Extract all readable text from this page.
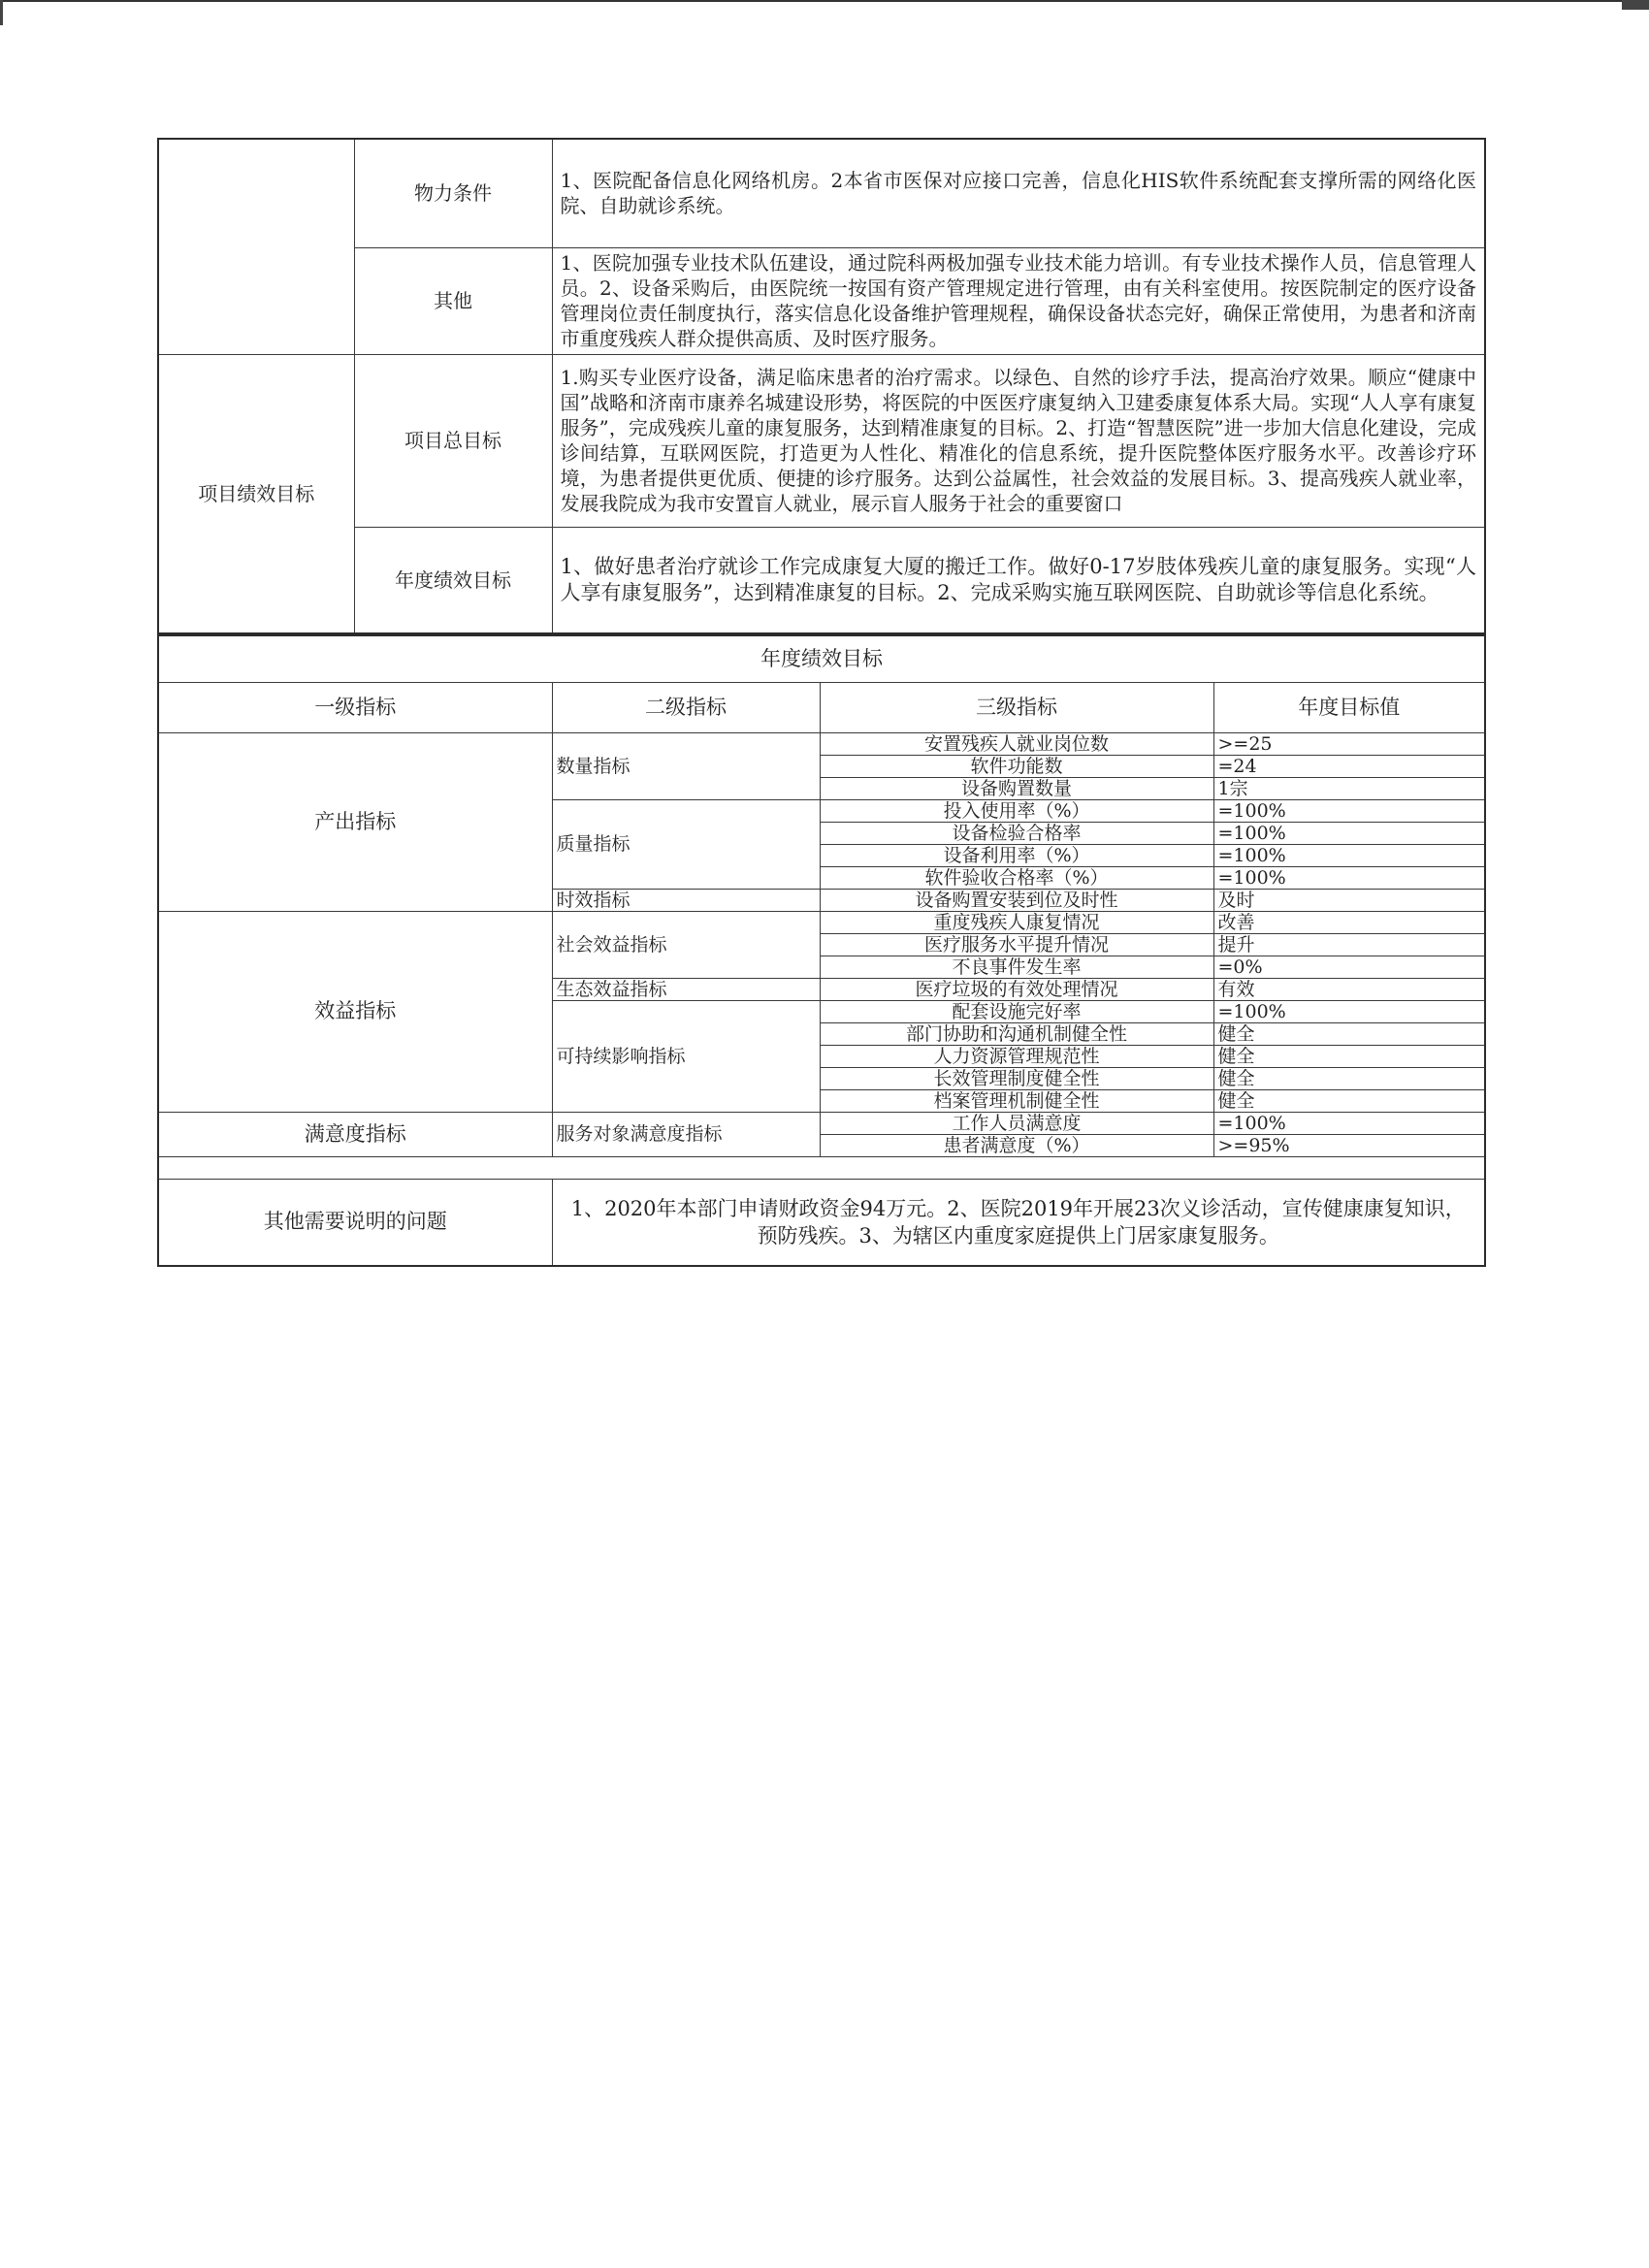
	物力条件	1、医院配备信息化网络机房。2本省市医保对应接口完善，信息化HIS软件系统配套支撑所需的网络化医院、自助就诊系统。
	其他	1、医院加强专业技术队伍建设，通过院科两极加强专业技术能力培训。有专业技术操作人员，信息管理人员。2、设备采购后，由医院统一按国有资产管理规定进行管理，由有关科室使用。按医院制定的医疗设备管理岗位责任制度执行，落实信息化设备维护管理规程，确保设备状态完好，确保正常使用，为患者和济南市重度残疾人群众提供高质、及时医疗服务。
项目绩效目标	项目总目标	1.购买专业医疗设备，满足临床患者的治疗需求。以绿色、自然的诊疗手法，提高治疗效果。顺应“健康中国”战略和济南市康养名城建设形势，将医院的中医医疗康复纳入卫建委康复体系大局。实现“人人享有康复服务”，完成残疾儿童的康复服务，达到精准康复的目标。2、打造“智慧医院”进一步加大信息化建设，完成诊间结算，互联网医院，打造更为人性化、精准化的信息系统，提升医院整体医疗服务水平。改善诊疗环境，为患者提供更优质、便捷的诊疗服务。达到公益属性，社会效益的发展目标。3、提高残疾人就业率，发展我院成为我市安置盲人就业，展示盲人服务于社会的重要窗口
	年度绩效目标	1、做好患者治疗就诊工作完成康复大厦的搬迁工作。做好0-17岁肢体残疾儿童的康复服务。实现“人人享有康复服务”，达到精准康复的目标。2、完成采购实施互联网医院、自助就诊等信息化系统。
年度绩效目标			
一级指标	二级指标	三级指标	年度目标值
产出指标	数量指标	安置残疾人就业岗位数	>=25
		软件功能数	=24
		设备购置数量	1宗
	质量指标	投入使用率（%）	=100%
		设备检验合格率	=100%
		设备利用率（%）	=100%
		软件验收合格率（%）	=100%
	时效指标	设备购置安装到位及时性	及时
效益指标	社会效益指标	重度残疾人康复情况	改善
		医疗服务水平提升情况	提升
		不良事件发生率	=0%
	生态效益指标	医疗垃圾的有效处理情况	有效
	可持续影响指标	配套设施完好率	=100%
		部门协助和沟通机制健全性	健全
		人力资源管理规范性	健全
		长效管理制度健全性	健全
		档案管理机制健全性	健全
满意度指标	服务对象满意度指标	工作人员满意度	=100%
		患者满意度（%）	>=95%

其他需要说明的问题	1、2020年本部门申请财政资金94万元。2、医院2019年开展23次义诊活动，宣传健康康复知识，预防残疾。3、为辖区内重度家庭提供上门居家康复服务。		
